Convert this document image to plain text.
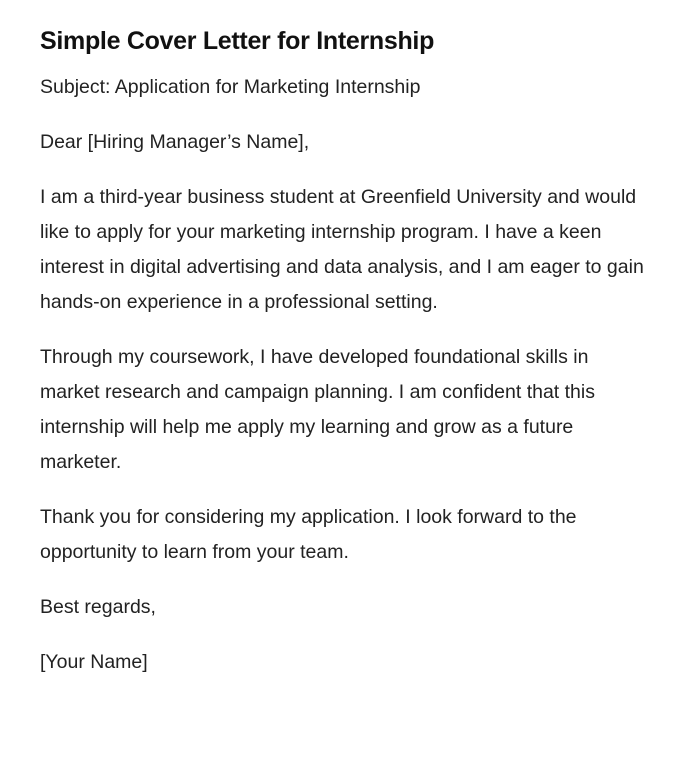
Simple Cover Letter for Internship

Subject: Application for Marketing Internship

Dear [Hiring Manager’s Name],

I am a third-year business student at Greenfield University and would like to apply for your marketing internship program. I have a keen interest in digital advertising and data analysis, and I am eager to gain hands-on experience in a professional setting.

Through my coursework, I have developed foundational skills in market research and campaign planning. I am confident that this internship will help me apply my learning and grow as a future marketer.

Thank you for considering my application. I look forward to the opportunity to learn from your team.

Best regards,

[Your Name]
